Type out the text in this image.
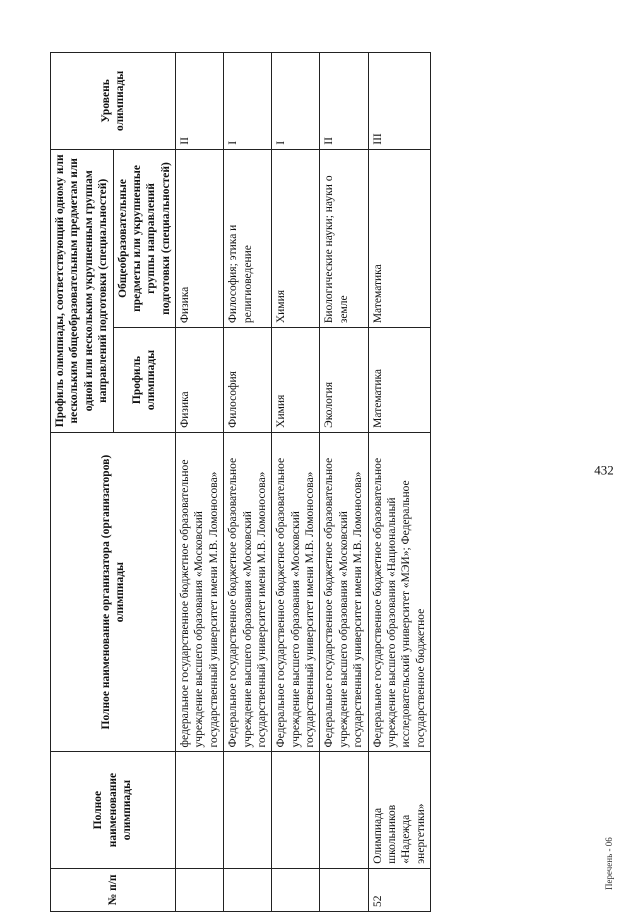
432
№ п/п	Полное наименование олимпиады	Полное наименование организатора (организаторов) олимпиады	Профиль олимпиады, соответствующий одному или нескольким общеобразовательным предметам или одной или нескольким укрупненным группам направлений подготовки (специальностей)		Уровень олимпиады
			Профиль олимпиады	Общеобразовательные предметы или укрупненные группы направлений подготовки (специальностей)	
		федеральное государственное бюджетное образовательное учреждение высшего образования «Московский государственный университет имени М.В. Ломоносова»	Физика	Физика	II
		Федеральное государственное бюджетное образовательное учреждение высшего образования «Московский государственный университет имени М.В. Ломоносова»	Философия	Философия; этика и религиоведение	I
		Федеральное государственное бюджетное образовательное учреждение высшего образования «Московский государственный университет имени М.В. Ломоносова»	Химия	Химия	I
		Федеральное государственное бюджетное образовательное учреждение высшего образования «Московский государственный университет имени М.В. Ломоносова»	Экология	Биологические науки; науки о земле	II
52	Олимпиада школьников «Надежда энергетики»	Федеральное государственное бюджетное образовательное учреждение высшего образования «Национальный исследовательский университет «МЭИ»; Федеральное государственное бюджетное	Математика	Математика	III
Перечень - 06
